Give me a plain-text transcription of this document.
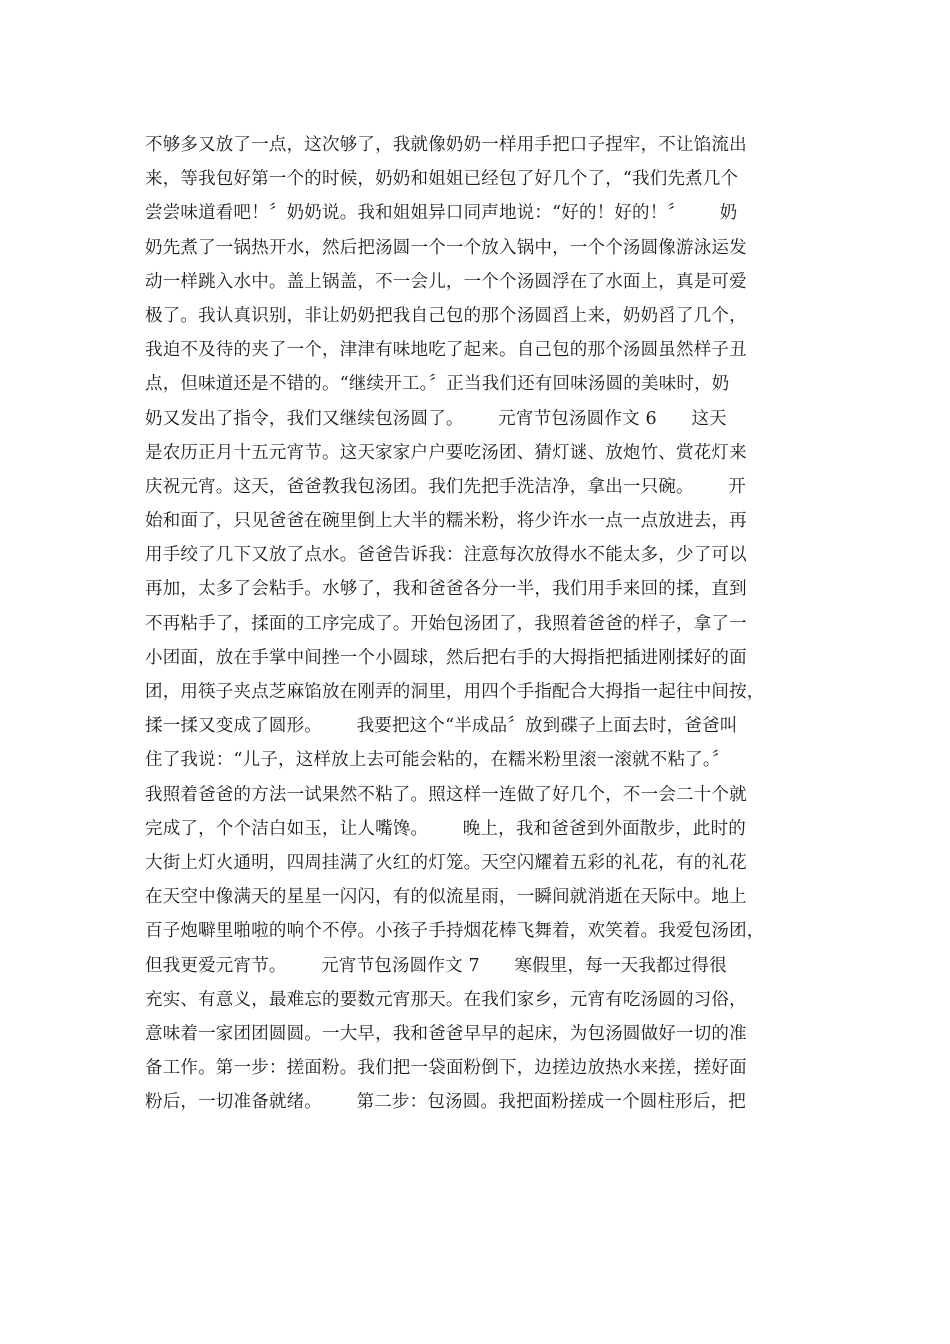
不够多又放了一点，这次够了，我就像奶奶一样用手把口子捏牢，不让馅流出
来，等我包好第一个的时候，奶奶和姐姐已经包了好几个了，“我们先煮几个
尝尝味道看吧！〞奶奶说。我和姐姐异口同声地说：“好的！好的！〞      奶
奶先煮了一锅热开水，然后把汤圆一个一个放入锅中，一个个汤圆像游泳运发
动一样跳入水中。盖上锅盖，不一会儿，一个个汤圆浮在了水面上，真是可爱
极了。我认真识别，非让奶奶把我自己包的那个汤圆舀上来，奶奶舀了几个，
我迫不及待的夹了一个，津津有味地吃了起来。自己包的那个汤圆虽然样子丑
点，但味道还是不错的。“继续开工。〞正当我们还有回味汤圆的美味时，奶
奶又发出了指令，我们又继续包汤圆了。      元宵节包汤圆作文 6      这天
是农历正月十五元宵节。这天家家户户要吃汤团、猜灯谜、放炮竹、赏花灯来
庆祝元宵。这天，爸爸教我包汤团。我们先把手洗洁净，拿出一只碗。      开
始和面了，只见爸爸在碗里倒上大半的糯米粉，将少许水一点一点放进去，再
用手绞了几下又放了点水。爸爸告诉我：注意每次放得水不能太多，少了可以
再加，太多了会粘手。水够了，我和爸爸各分一半，我们用手来回的揉，直到
不再粘手了，揉面的工序完成了。开始包汤团了，我照着爸爸的样子，拿了一
小团面，放在手掌中间挫一个小圆球，然后把右手的大拇指把插进刚揉好的面
团，用筷子夹点芝麻馅放在刚弄的洞里，用四个手指配合大拇指一起往中间按，
揉一揉又变成了圆形。      我要把这个“半成品〞放到碟子上面去时，爸爸叫
住了我说：“儿子，这样放上去可能会粘的，在糯米粉里滚一滚就不粘了。〞
我照着爸爸的方法一试果然不粘了。照这样一连做了好几个，不一会二十个就
完成了，个个洁白如玉，让人嘴馋。      晚上，我和爸爸到外面散步，此时的
大街上灯火通明，四周挂满了火红的灯笼。天空闪耀着五彩的礼花，有的礼花
在天空中像满天的星星一闪闪，有的似流星雨，一瞬间就消逝在天际中。地上
百子炮噼里啪啦的响个不停。小孩子手持烟花棒飞舞着，欢笑着。我爱包汤团，
但我更爱元宵节。      元宵节包汤圆作文 7      寒假里，每一天我都过得很
充实、有意义，最难忘的要数元宵那天。在我们家乡，元宵有吃汤圆的习俗，
意味着一家团团圆圆。一大早，我和爸爸早早的起床，为包汤圆做好一切的准
备工作。第一步：搓面粉。我们把一袋面粉倒下，边搓边放热水来搓，搓好面
粉后，一切准备就绪。      第二步：包汤圆。我把面粉搓成一个圆柱形后，把
